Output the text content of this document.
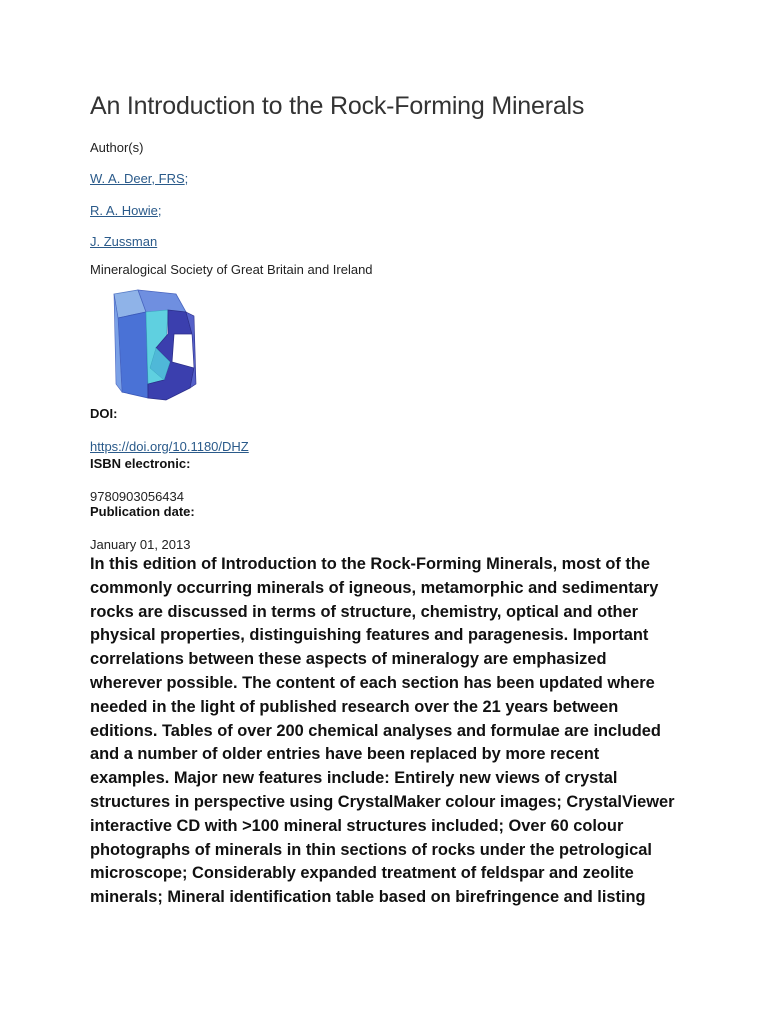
An Introduction to the Rock-Forming Minerals
Author(s)
W. A. Deer, FRS;
R. A. Howie;
J. Zussman
Mineralogical Society of Great Britain and Ireland
DOI:
https://doi.org/10.1180/DHZ
ISBN electronic:
9780903056434
Publication date:
January 01, 2013

In this edition of Introduction to the Rock-Forming Minerals, most of the commonly occurring minerals of igneous, metamorphic and sedimentary rocks are discussed in terms of structure, chemistry, optical and other physical properties, distinguishing features and paragenesis. Important correlations between these aspects of mineralogy are emphasized wherever possible. The content of each section has been updated where needed in the light of published research over the 21 years between editions. Tables of over 200 chemical analyses and formulae are included and a number of older entries have been replaced by more recent examples. Major new features include: Entirely new views of crystal structures in perspective using CrystalMaker colour images; CrystalViewer interactive CD with >100 mineral structures included; Over 60 colour photographs of minerals in thin sections of rocks under the petrological microscope; Considerably expanded treatment of feldspar and zeolite minerals; Mineral identification table based on birefringence and listing
